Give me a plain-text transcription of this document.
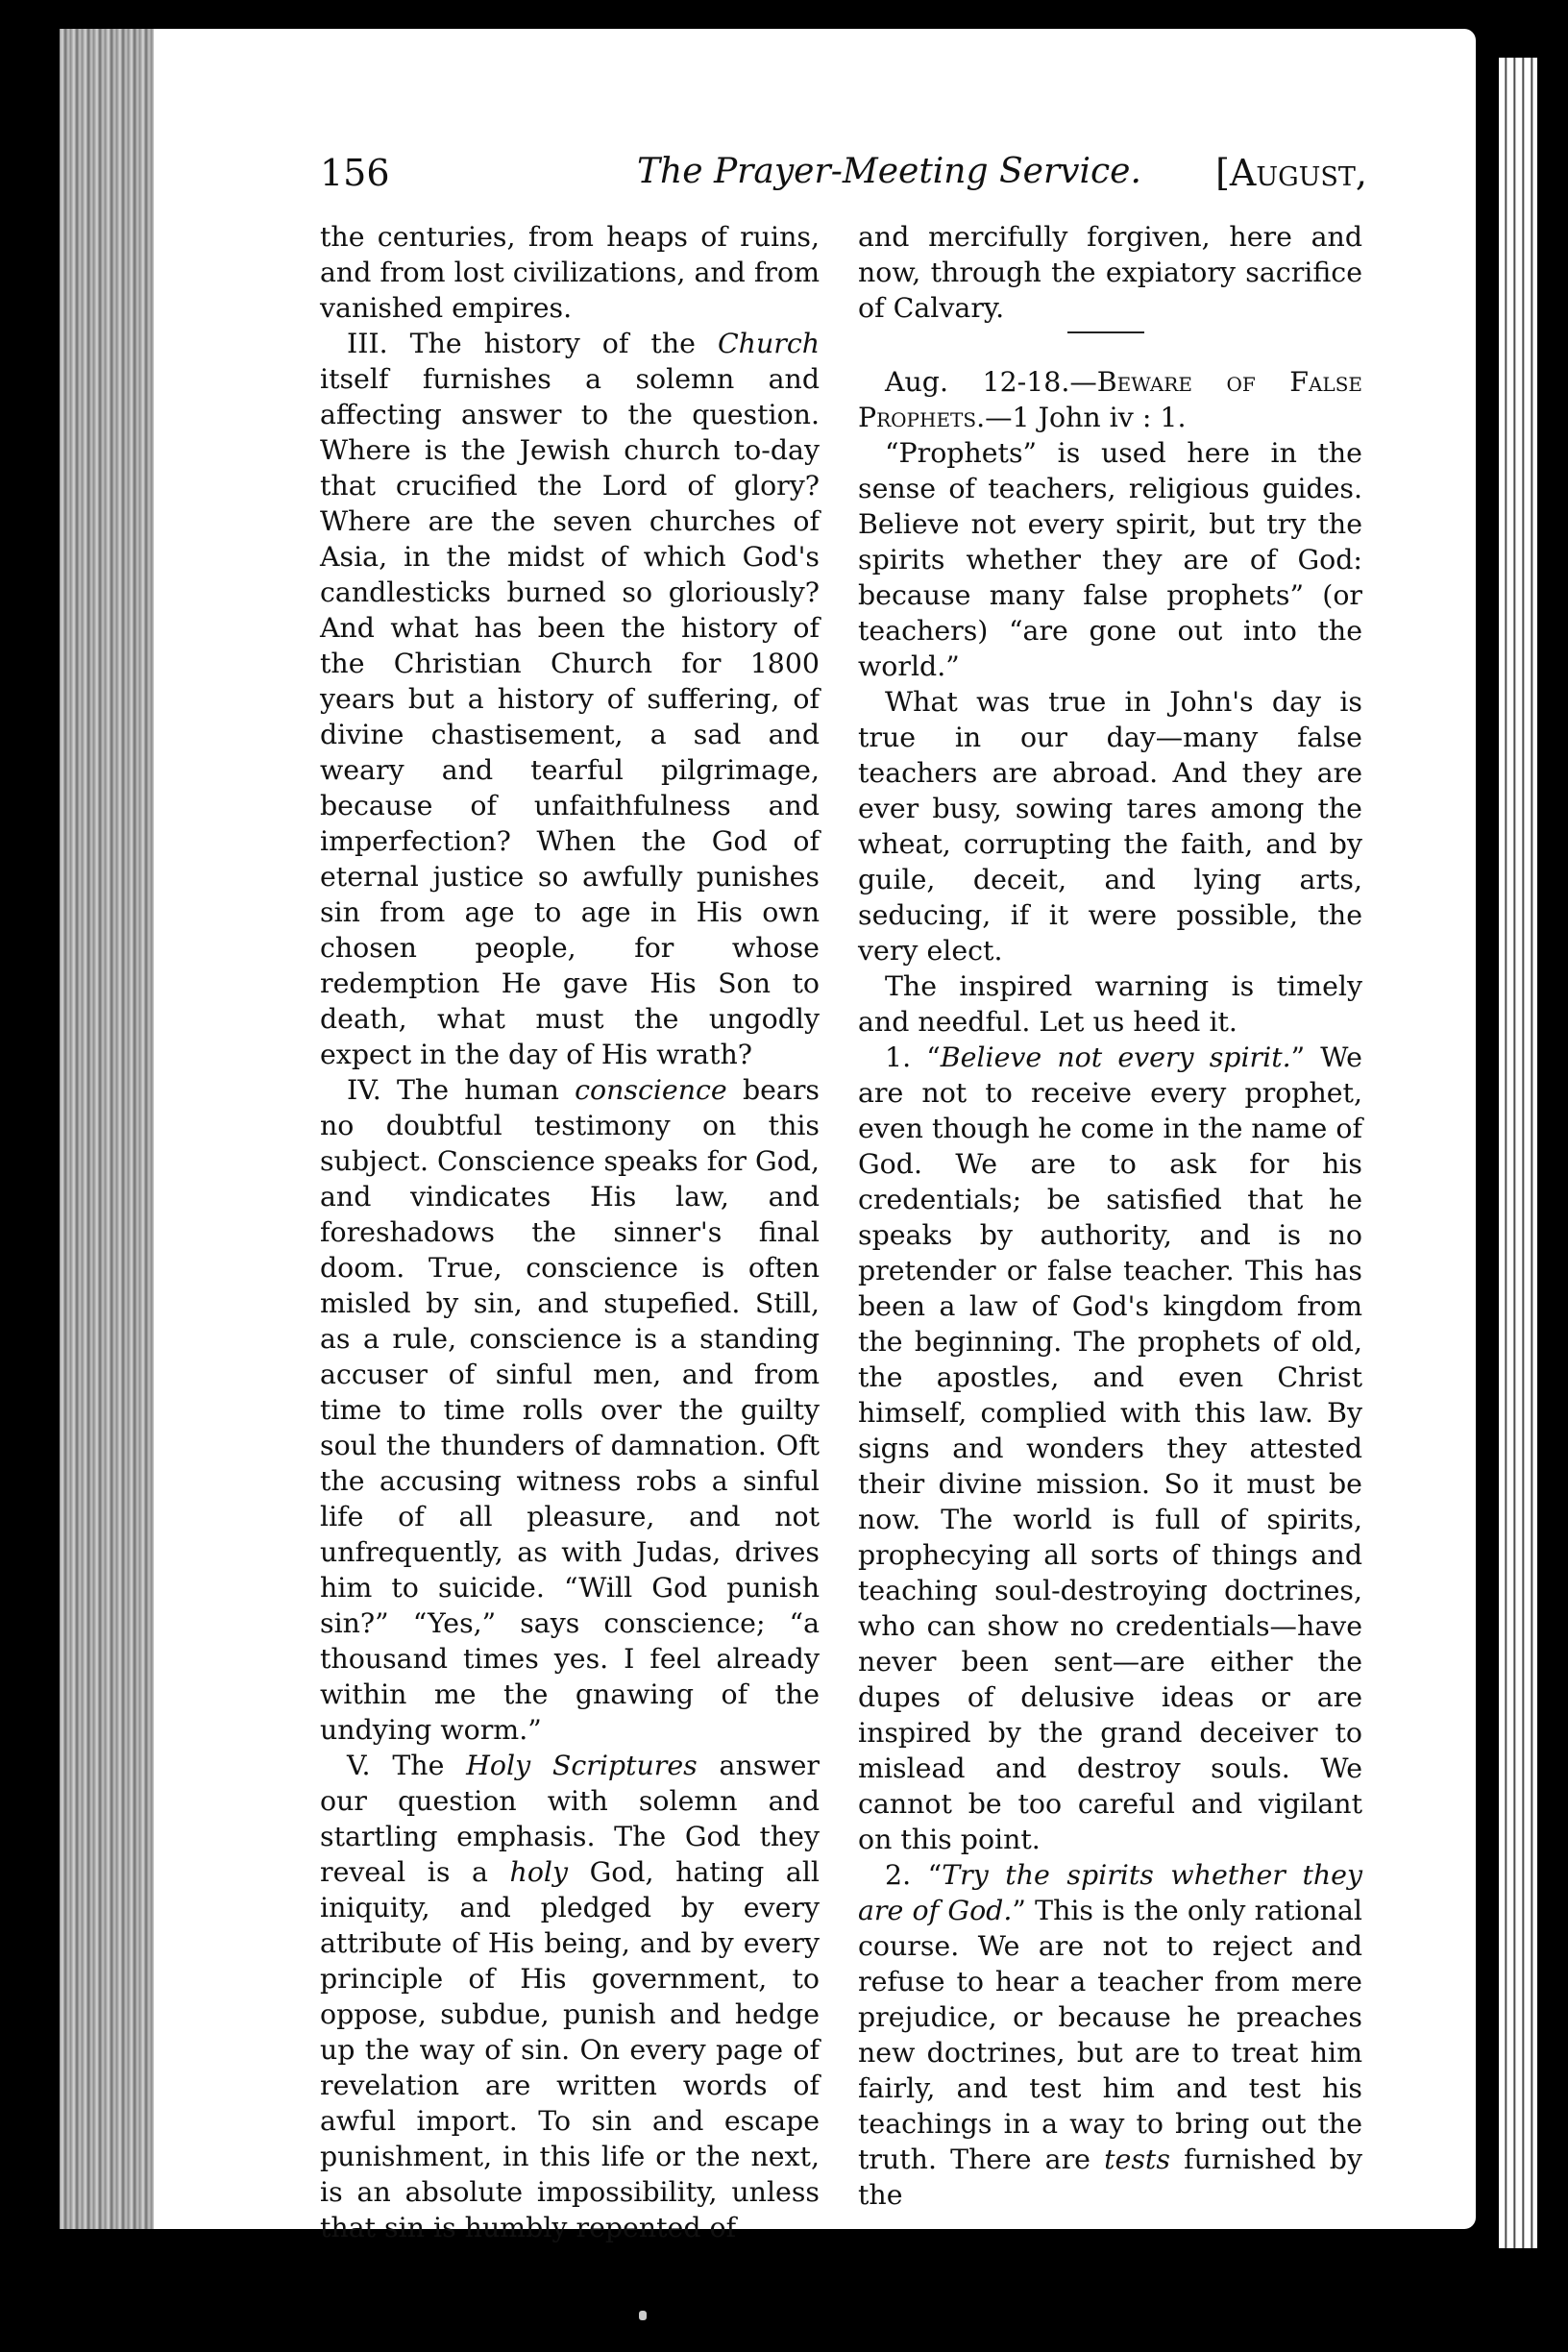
156	The Prayer-Meeting Service. [August,

the centuries, from heaps of ruins, and from lost civilizations, and from vanished empires.

III. The history of the Church itself furnishes a solemn and affecting answer to the question. Where is the Jewish church to-day that crucified the Lord of glory? Where are the seven churches of Asia, in the midst of which God's candlesticks burned so gloriously? And what has been the history of the Christian Church for 1800 years but a history of suffering, of divine chastisement, a sad and weary and tearful pilgrimage, because of unfaithfulness and imperfection? When the God of eternal justice so awfully punishes sin from age to age in His own chosen people, for whose redemption He gave His Son to death, what must the ungodly expect in the day of His wrath?

IV. The human conscience bears no doubtful testimony on this subject. Conscience speaks for God, and vindicates His law, and foreshadows the sinner's final doom. True, conscience is often misled by sin, and stupefied. Still, as a rule, conscience is a standing accuser of sinful men, and from time to time rolls over the guilty soul the thunders of damnation. Oft the accusing witness robs a sinful life of all pleasure, and not unfrequently, as with Judas, drives him to suicide. “Will God punish sin?” “Yes,” says conscience; “a thousand times yes. I feel already within me the gnawing of the undying worm.”

V. The Holy Scriptures answer our question with solemn and startling emphasis. The God they reveal is a holy God, hating all iniquity, and pledged by every attribute of His being, and by every principle of His government, to oppose, subdue, punish and hedge up the way of sin. On every page of revelation are written words of awful import. To sin and escape punishment, in this life or the next, is an absolute impossibility, unless that sin is humbly repented of

and mercifully forgiven, here and now, through the expiatory sacrifice of Calvary.

Aug. 12-18.—Beware of False Prophets.—1 John iv : 1.

“Prophets” is used here in the sense of teachers, religious guides. Believe not every spirit, but try the spirits whether they are of God: because many false prophets” (or teachers) “are gone out into the world.”

What was true in John's day is true in our day—many false teachers are abroad. And they are ever busy, sowing tares among the wheat, corrupting the faith, and by guile, deceit, and lying arts, seducing, if it were possible, the very elect.

The inspired warning is timely and needful. Let us heed it.

1. “Believe not every spirit.” We are not to receive every prophet, even though he come in the name of God. We are to ask for his credentials; be satisfied that he speaks by authority, and is no pretender or false teacher. This has been a law of God's kingdom from the beginning. The prophets of old, the apostles, and even Christ himself, complied with this law. By signs and wonders they attested their divine mission. So it must be now. The world is full of spirits, prophecying all sorts of things and teaching soul-destroying doctrines, who can show no credentials—have never been sent—are either the dupes of delusive ideas or are inspired by the grand deceiver to mislead and destroy souls. We cannot be too careful and vigilant on this point.

2. “Try the spirits whether they are of God.” This is the only rational course. We are not to reject and refuse to hear a teacher from mere prejudice, or because he preaches new doctrines, but are to treat him fairly, and test him and test his teachings in a way to bring out the truth. There are tests furnished by the
